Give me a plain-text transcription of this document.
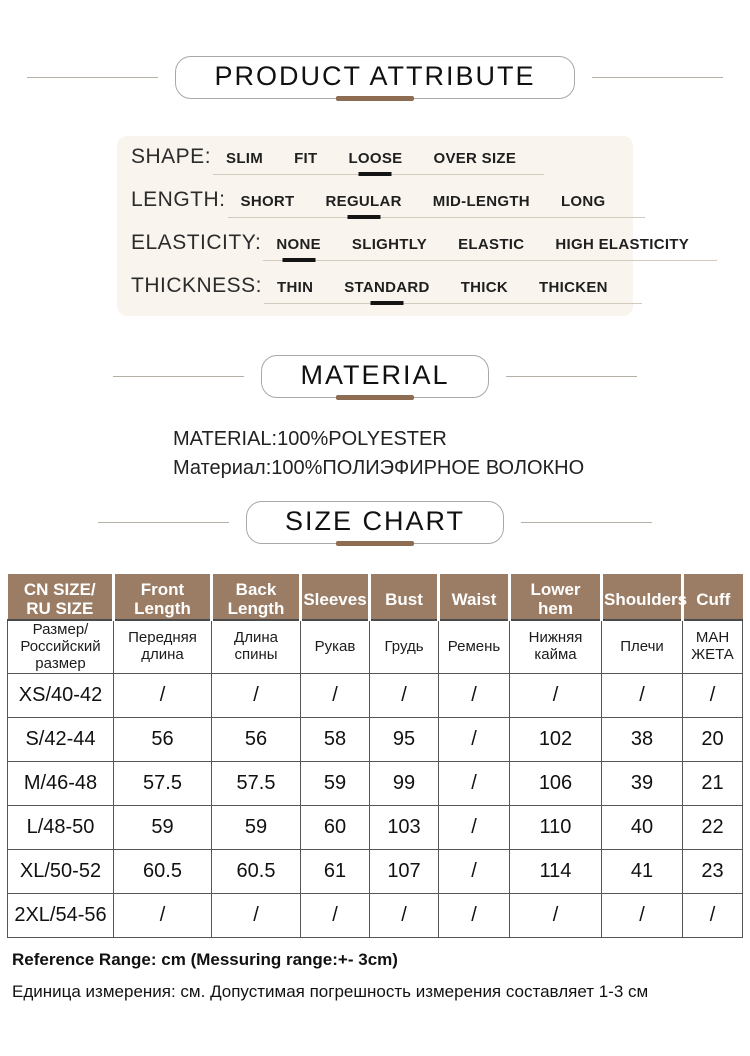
PRODUCT ATTRIBUTE
SHAPE: SLIM FIT LOOSE OVER SIZE
LENGTH: SHORT REGULAR MID-LENGTH LONG
ELASTICITY: NONE SLIGHTLY ELASTIC HIGH ELASTICITY
THICKNESS: THIN STANDARD THICK THICKEN
MATERIAL
MATERIAL:100%POLYESTER
Материал:100%ПОЛИЭФИРНОЕ ВОЛОКНО
SIZE CHART
CN SIZE/
RU SIZE	Front Length	Back Length	Sleeves	Bust	Waist	Lower hem	Shoulders	Cuff
Размер/
Российский
размер	Передняя
длина	Длина
спины	Рукав	Грудь	Ремень	Нижняя
кайма	Плечи	МАН
ЖЕТА
XS/40-42	/	/	/	/	/	/	/	/
S/42-44	56	56	58	95	/	102	38	20
M/46-48	57.5	57.5	59	99	/	106	39	21
L/48-50	59	59	60	103	/	110	40	22
XL/50-52	60.5	60.5	61	107	/	114	41	23
2XL/54-56	/	/	/	/	/	/	/	/
Reference Range: cm (Messuring range:+- 3cm)
Единица измерения: см. Допустимая погрешность измерения составляет 1-3 см
